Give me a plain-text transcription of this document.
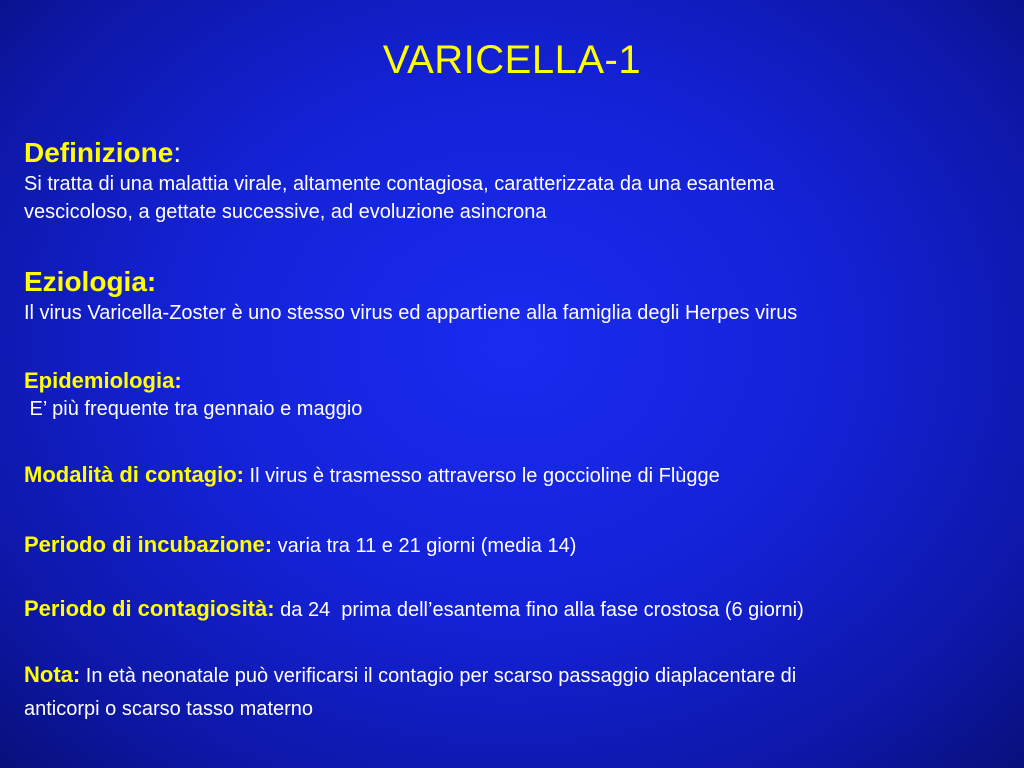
VARICELLA-1
Definizione:
Si tratta di una malattia virale, altamente contagiosa, caratterizzata da una esantema
vescicoloso, a gettate successive, ad evoluzione asincrona
Eziologia:
Il virus Varicella-Zoster è uno stesso virus ed appartiene alla famiglia degli Herpes virus
Epidemiologia:
E’ più frequente tra gennaio e maggio
Modalità di contagio: Il virus è trasmesso attraverso le goccioline di Flùgge
Periodo di incubazione: varia tra 11 e 21 giorni (media 14)
Periodo di contagiosità: da 24  prima dell’esantema fino alla fase crostosa (6 giorni)
Nota: In età neonatale può verificarsi il contagio per scarso passaggio diaplacentare di
anticorpi o scarso tasso materno
